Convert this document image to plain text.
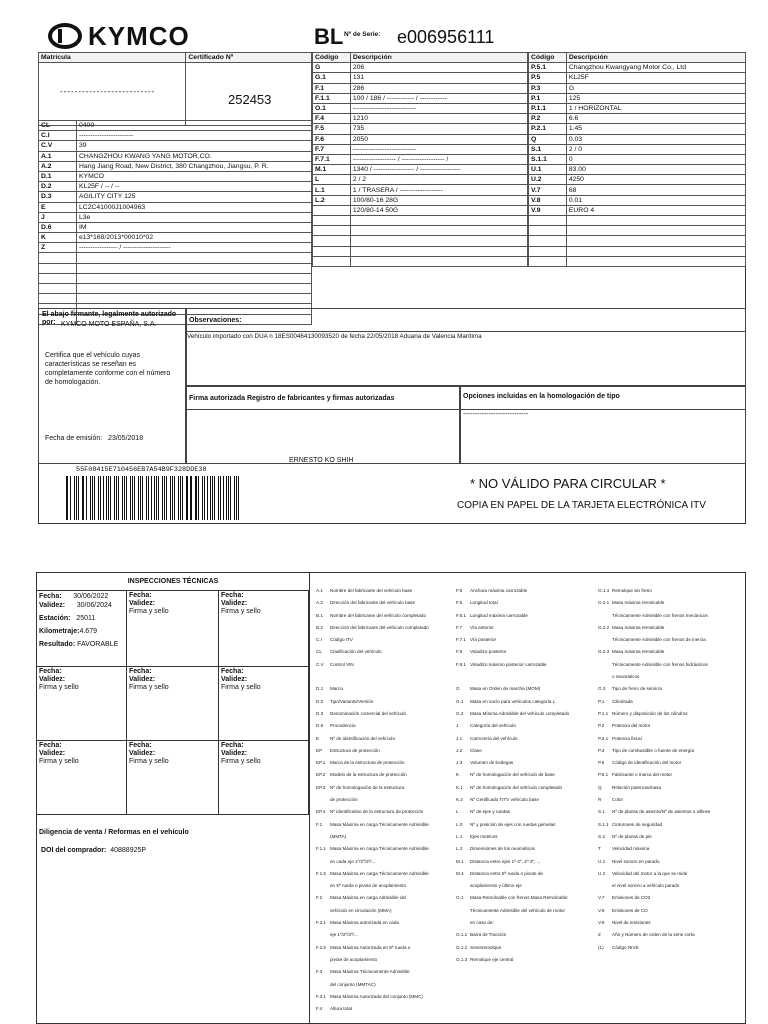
KYMCO	BL Nº de Serie: e006956111
Matrícula	Certificado Nº

--------------------------
252453
CL	0400
C.I	------------------------
C.V	39
A.1	CHANGZHOU KWANG YANG MOTOR,CO.
A.2	Hang Jiang Road, New District, 380 Changzhou, Jiangsu, P. R.
D.1	KYMCO
D.2	KL25F / -- / --
D.3	AGILITY CITY 125
E	LC2C41000J1004963
J	L3e
D.6	IM
K	e13*168/2013*00010*02
Z	----------------- / ---------------------

Código	Descripción
G	206
G.1	131
F.1	286
F.1.1	100 / 186 / ------------ / ------------
O.1	----------------------------
F.4	1210
F.5	735
F.6	2050
F.7	----------------------------
F.7.1	------------------- / ------------------- /
M.1	1340 / ------------------ / ------------------
L	2 / 2
L.1	1 / TRASERA / -------------------
L.2	100/80-16 28G
	120/80-14 50G

Código	Descripción
P.5.1	Changzhou Kwangyang Motor Co., Ltd
P.5	KL25F
P.3	G
P.1	125
P.1.1	1 / HORIZONTAL
P.2	6.6
P.2.1	1.45
Q	0.03
S.1	2 / 0
S.1.1	0
U.1	83.00
U.2	4250
V.7	68
V.8	0.01
V.9	EURO 4

El abajo firmante, legalmente autorizado por: KYMCO MOTO ESPAÑA, S.A.
Certifica que el vehículo cuyas características se reseñan es completamente conforme con el número de homologación.
Fecha de emisión: 23/05/2018
Observaciones:
Vehículo importado con DUA n 18ES00464130093520 de fecha 22/05/2018 Aduana de Valencia Marítima
Firma autorizada Registro de fabricantes y firmas autorizadas
ERNESTO KO SHIH
Opciones incluidas en la homologación de tipo
----------------------------
55F08415E710456EB7A54B9F328DDE38
* NO VÁLIDO PARA CIRCULAR *
COPIA EN PAPEL DE LA TARJETA ELECTRÓNICA ITV
INSPECCIONES TÉCNICAS
Fecha: 30/06/2022
Validez: 30/06/2024
Estación: 25011
Kilometraje:4.679
Resultado: FAVORABLE
Fecha:
Validez:
Firma y sello
Fecha:
Validez:
Firma y sello
Fecha:
Validez:
Firma y sello
Fecha:
Validez:
Firma y sello
Fecha:
Validez:
Firma y sello
Fecha:
Validez:
Firma y sello
Fecha:
Validez:
Firma y sello
Fecha:
Validez:
Firma y sello
Diligencia de venta / Reformas en el vehículo
DOI del comprador: 40888925P
A.1 Nombre del fabricante del vehículo base
A.2 Dirección del fabricante del vehículo base
B.1 Nombre del fabricante del vehículo completado
B.2 Dirección del fabricante del vehículo completado
C.I Código ITV
CL Clasificación del vehículo
C.V Control VIN
D.1 Marca
D.2 Tipo/Variante/Versión
D.3 Denominación comercial del vehículo
D.6 Procedencia
E Nº de identificación del vehículo
EP Estructura de protección
EP.1 Marca de la estructura de protección
EP.2 Modelo de la estructura de protección
EP.3 Nº de homologación de la estructura
de protección
EP.4 Nº identificativo de la estructura de protección
F.1 Masa Máxima en carga Técnicamente Admisible
(MMTA)
F.1.1 Masa Máxima en carga Técnicamente Admisible
en cada eje 1º/2º/3º/...
F.1.5 Masa Máxima en carga Técnicamente Admisible
en 5ª rueda o pivote de acoplamiento
F.2 Masa Máxima en carga Admisible del
vehículo en circulación (MMA)
F.2.1 Masa Máxima autorizada en cada
eje 1º/2º/3º/...
F.2.5 Masa Máxima Autorizada en 5ª rueda o
pivote de acoplamiento
F.3 Masa Máxima Técnicamente Admisible
del conjunto (MMTAC)
F.3.1 Masa Máxima Autorizada del conjunto (MMC)
F.4 Altura total
F.5 Anchura máxima carrozable
F.6 Longitud total
F.6.1 Longitud máxima carrozable
F.7 Vía anterior
F.7.1 Vía posterior
F.8 Voladizo posterior
F.8.1 Voladizo máximo posterior carrozable
G Masa en Orden de marcha (MOM)
G.1 Masa en vacío para vehículos categoría L
G.2 Masa Mínima Admisible del vehículo completado
J	Categoría del vehículo
J.1 Carrocería del vehículo
J.2 Clase
J.3 Volumen de bodegas
K Nº de homologación del vehículo de base
K.1 Nº de homologación del vehículo completado
K.2 Nº Certificado TITV vehículo base
L Nº de ejes y ruedas
L.0 Nº y posición de ejes con ruedas gemelas
L.1 Ejes motrices
L.2 Dimensiones de los neumáticos
M.1 Distancia entre ejes 1º-2º, 2º-3º, ...
M.4 Distancia entre 5ª rueda o pivote de
acoplamiento y último eje
O.1 Masa Remolcable con frenos Masa Remolcable
Técnicamente Admisible del vehículo de motor
en caso de:
O.1.1 Barra de Tracción
O.1.2 Semirremolque
O.1.3 Remolque eje central
O.1.4 Remolque sin freno
O.2.1 Masa máxima remolcable
Técnicamente Admisible con frenos mecánicos
O.2.2 Masa máxima remolcable
Técnicamente Admisible con frenos de inercia
O.2.3 Masa máxima remolcable
Técnicamente Admisible con frenos hidráulicos
o neumáticos
O.3 Tipo de freno de servicio
P.1 Cilindrada
P.1.1 Número y disposición de los cilindros
P.2 Potencia del motor
P.2.1 Potencia fiscal
P.3 Tipo de combustible o fuente de energía
P.5 Código de identificación del motor
P.5.1 Fabricante o marca del motor
Q Relación potencia/masa
R Color
S.1 Nº de plazas de asiento/Nº de asientos o sillines
S.1.1 Cinturones de seguridad
S.2 Nº de plazas de pie
T Velocidad máxima
U.1 Nivel sonoro en parado
U.2 Velocidad del motor a la que se mide
el nivel sonoro a vehículo parado
V.7 Emisiones de CO2
V.8 Emisiones de CO
V.9 Nivel de emisiones
Z Año y Número de orden de la serie corta
(1) Código NIVE
